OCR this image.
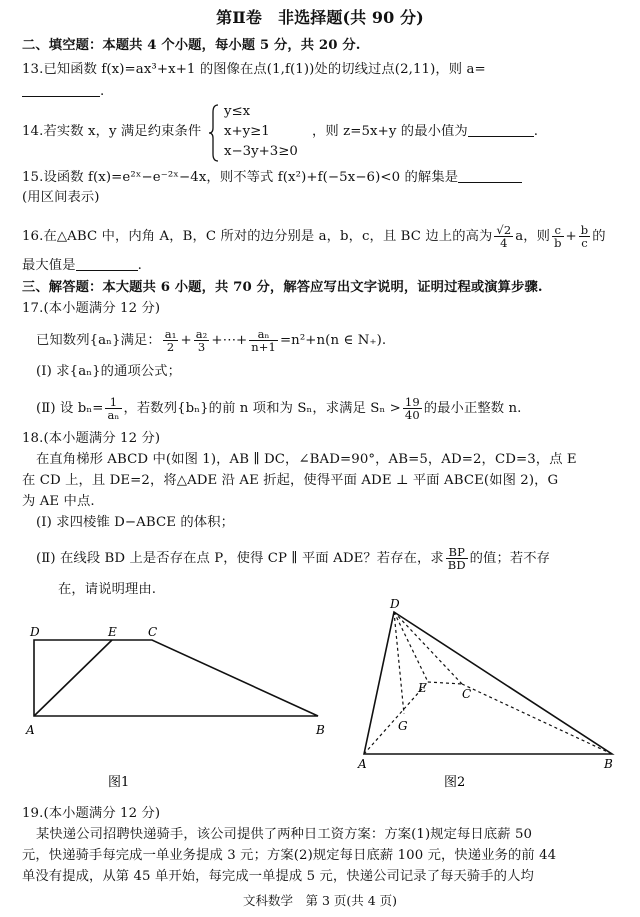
第Ⅱ卷　非选择题(共 90 分)
二、填空题：本题共 4 个小题，每小题 5 分，共 20 分.
13.已知函数 f(x)=ax³+x+1 的图像在点(1,f(1))处的切线过点(2,11)，则 a=
.
14.若实数 x，y 满足约束条件
y≤x
x+y≥1
x−3y+3≥0
，则 z=5x+y 的最小值为	.
15.设函数 f(x)=e²ˣ−e⁻²ˣ−4x，则不等式 f(x²)+f(−5x−6)<0 的解集是
(用区间表示)
16.在△ABC 中，内角 A，B，C 所对的边分别是 a，b，c，且 BC 边上的高为 $\frac{√2}{4}$ a，则 $\frac{c}{b} + \frac{b}{c}$ 的
最大值是	.
三、解答题：本大题共 6 小题，共 70 分，解答应写出文字说明，证明过程或演算步骤.
17.(本小题满分 12 分)
已知数列{aₙ}满足： $\frac{\text{a₁}}{2} + \frac{\text{a₂}}{3}$ +⋯+ $\frac{\text{aₙ}}{n+1} =n^2+n(n$ ∈ N₊).
(Ⅰ) 求{aₙ}的通项公式；
(Ⅱ) 设 $b_n= \frac{1}{\text{aₙ}}$ ，若数列{bₙ}的前 n 项和为 Sₙ，求满足 $S_n > \frac{19}{40}$ 的最小正整数 n.
18.(本小题满分 12 分)
在直角梯形 ABCD 中(如图 1)，AB ∥ DC，∠BAD=90°，AB=5，AD=2，CD=3，点 E
在 CD 上，且 DE=2，将△ADE 沿 AE 折起，使得平面 ADE ⊥ 平面 ABCE(如图 2)，G
为 AE 中点.
(Ⅰ) 求四棱锥 D−ABCE 的体积；
(Ⅱ) 在线段 BD 上是否存在点 P，使得 CP ∥ 平面 ADE？若存在，求 $\frac{BP}{BD}$ 的值；若不存
在，请说明理由.
D	E	C
A	B
图1
D
E	C
G
A	B
图2
19.(本小题满分 12 分)
某快递公司招聘快递骑手，该公司提供了两种日工资方案：方案(1)规定每日底薪 50
元，快递骑手每完成一单业务提成 3 元；方案(2)规定每日底薪 100 元，快递业务的前 44
单没有提成，从第 45 单开始，每完成一单提成 5 元，快递公司记录了每天骑手的人均
文科数学　第 3 页(共 4 页)
